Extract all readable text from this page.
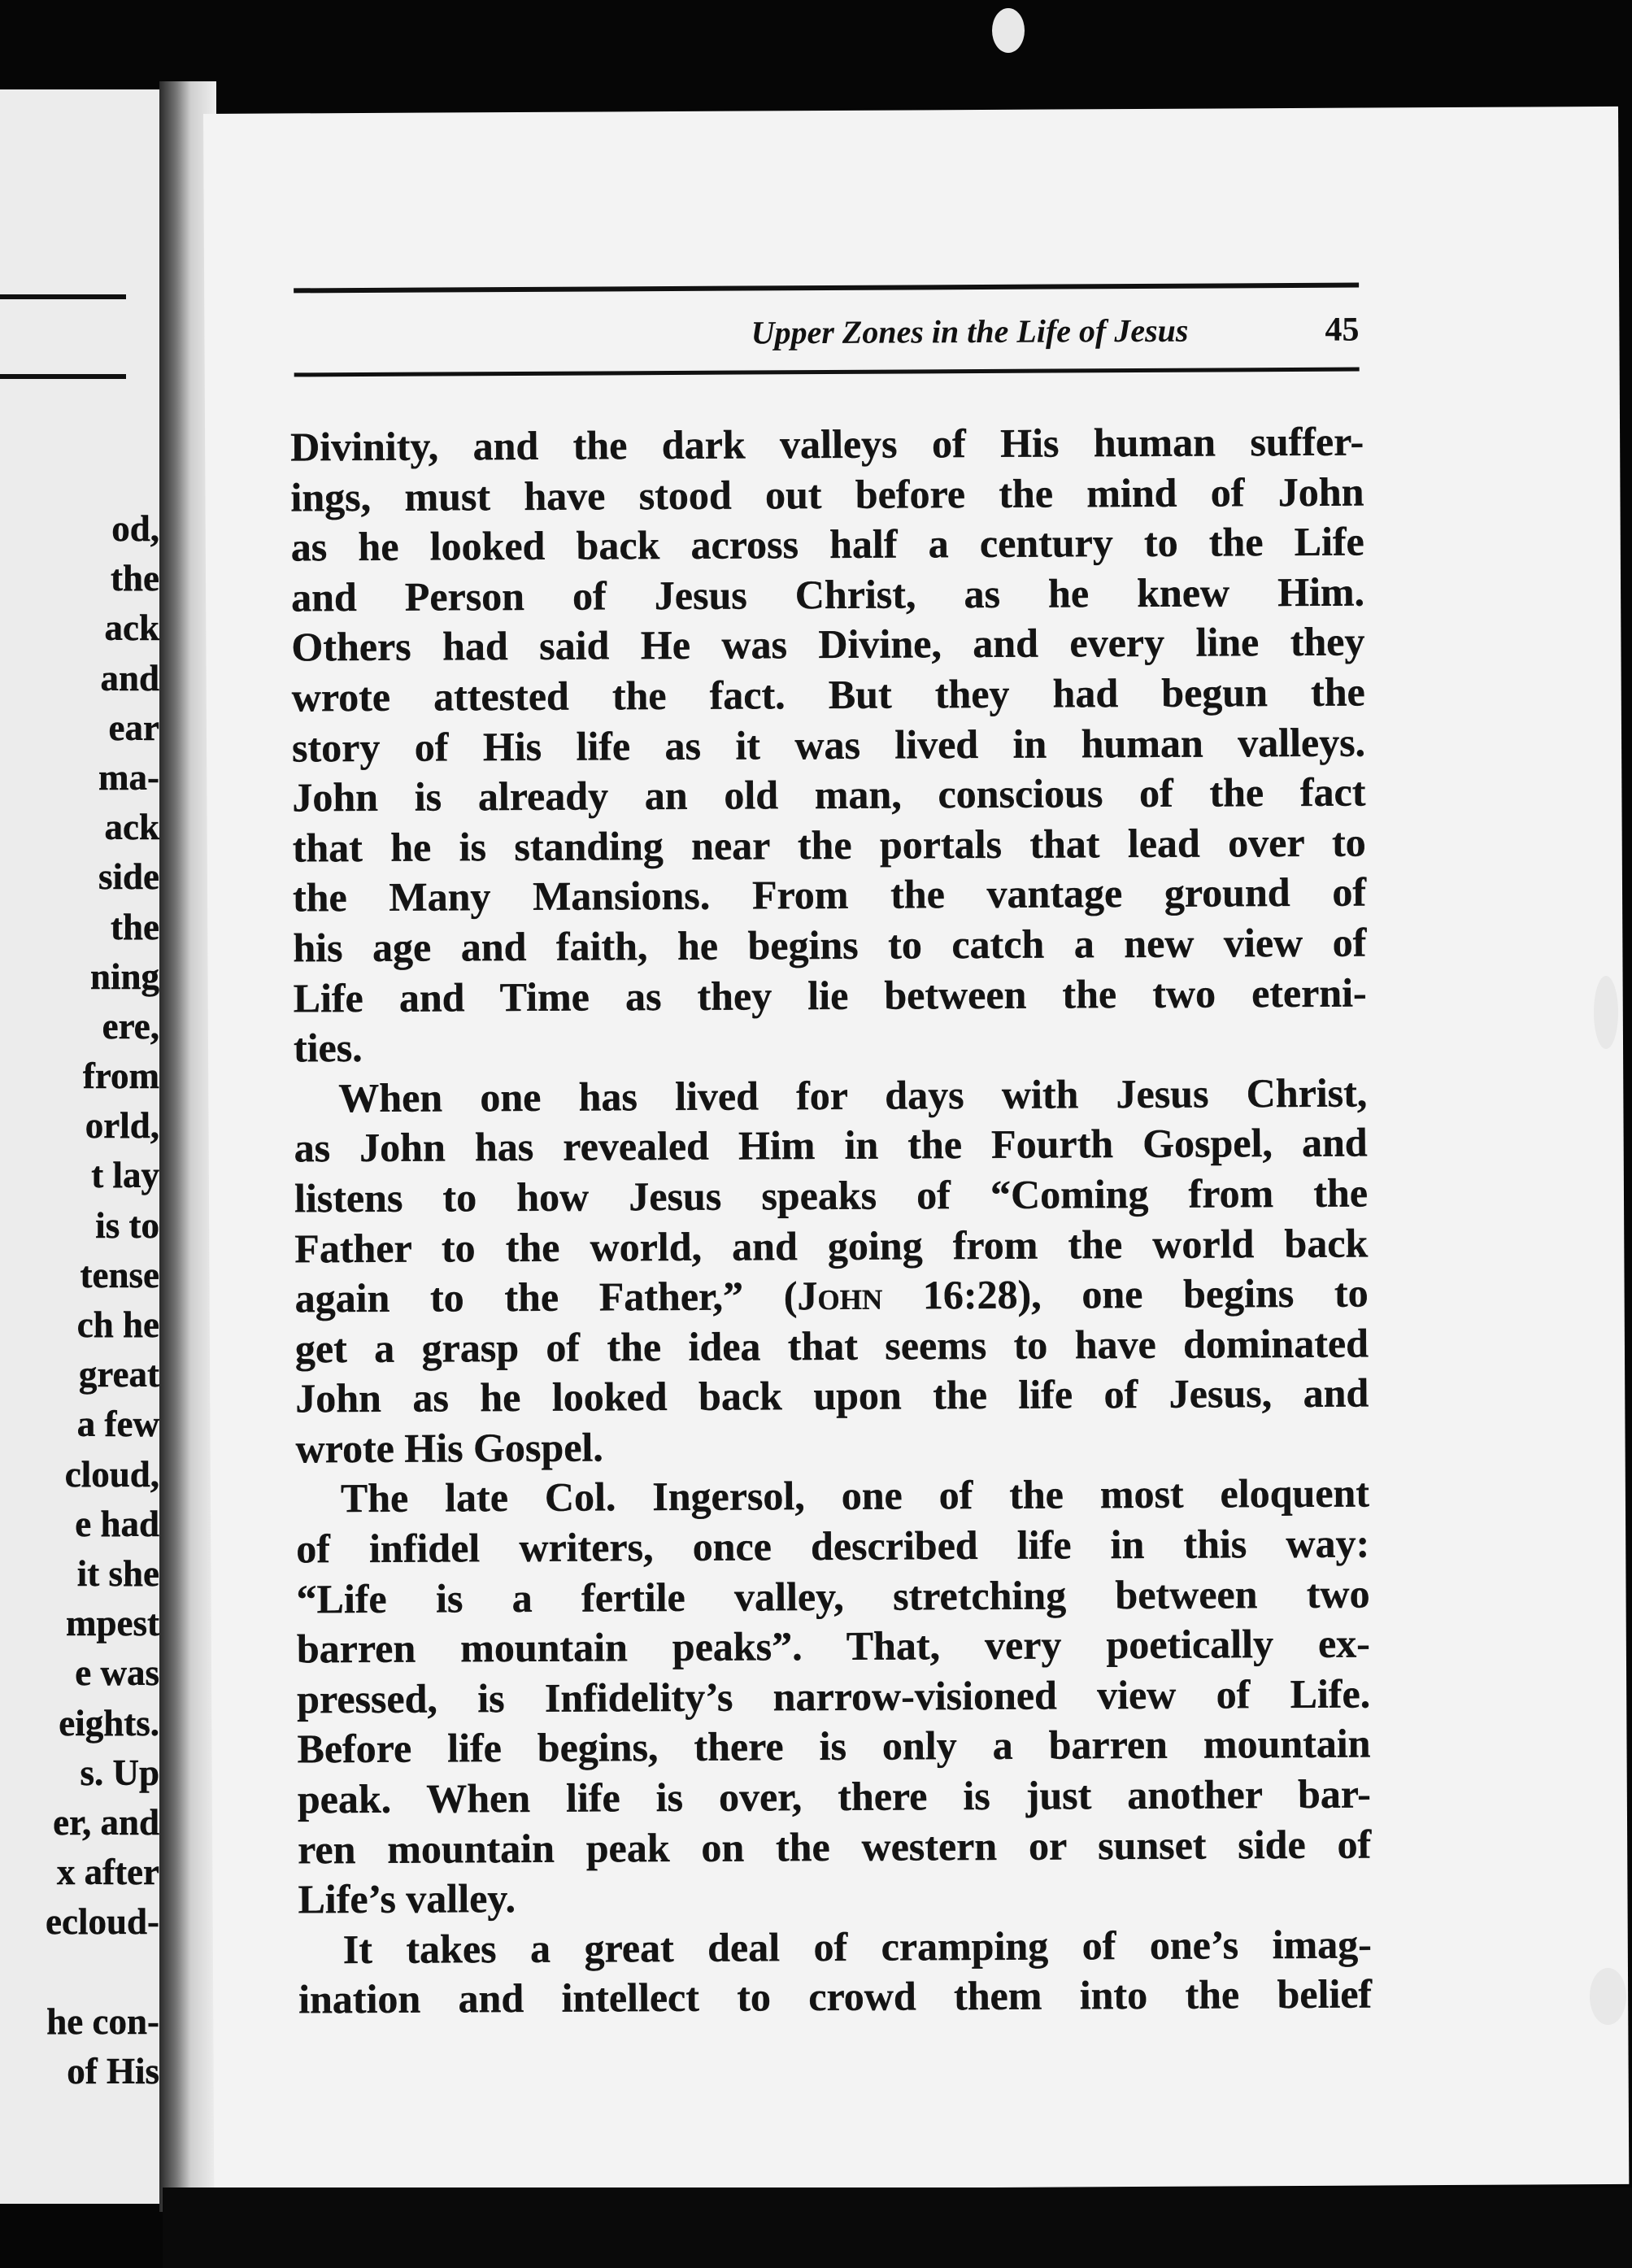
od,
the
ack
and
ear
ma-
ack
side
the
ning
ere,
from
orld,
t lay
is to
tense
ch he
great
a few
cloud,
e had
it she
mpest
e was
eights.
s. Up
er, and
x after
ecloud-
he con-
of His
Upper Zones in the Life of Jesus	45
Divinity, and the dark valleys of His human suffer-
ings, must have stood out before the mind of John
as he looked back across half a century to the Life
and Person of Jesus Christ, as he knew Him.
Others had said He was Divine, and every line they
wrote attested the fact. But they had begun the
story of His life as it was lived in human valleys.
John is already an old man, conscious of the fact
that he is standing near the portals that lead over to
the Many Mansions. From the vantage ground of
his age and faith, he begins to catch a new view of
Life and Time as they lie between the two eterni-
ties.
When one has lived for days with Jesus Christ,
as John has revealed Him in the Fourth Gospel, and
listens to how Jesus speaks of “Coming from the
Father to the world, and going from the world back
again to the Father,” (John 16:28), one begins to
get a grasp of the idea that seems to have dominated
John as he looked back upon the life of Jesus, and
wrote His Gospel.
The late Col. Ingersol, one of the most eloquent
of infidel writers, once described life in this way:
“Life is a fertile valley, stretching between two
barren mountain peaks”. That, very poetically ex-
pressed, is Infidelity’s narrow-visioned view of Life.
Before life begins, there is only a barren mountain
peak. When life is over, there is just another bar-
ren mountain peak on the western or sunset side of
Life’s valley.
It takes a great deal of cramping of one’s imag-
ination and intellect to crowd them into the belief
